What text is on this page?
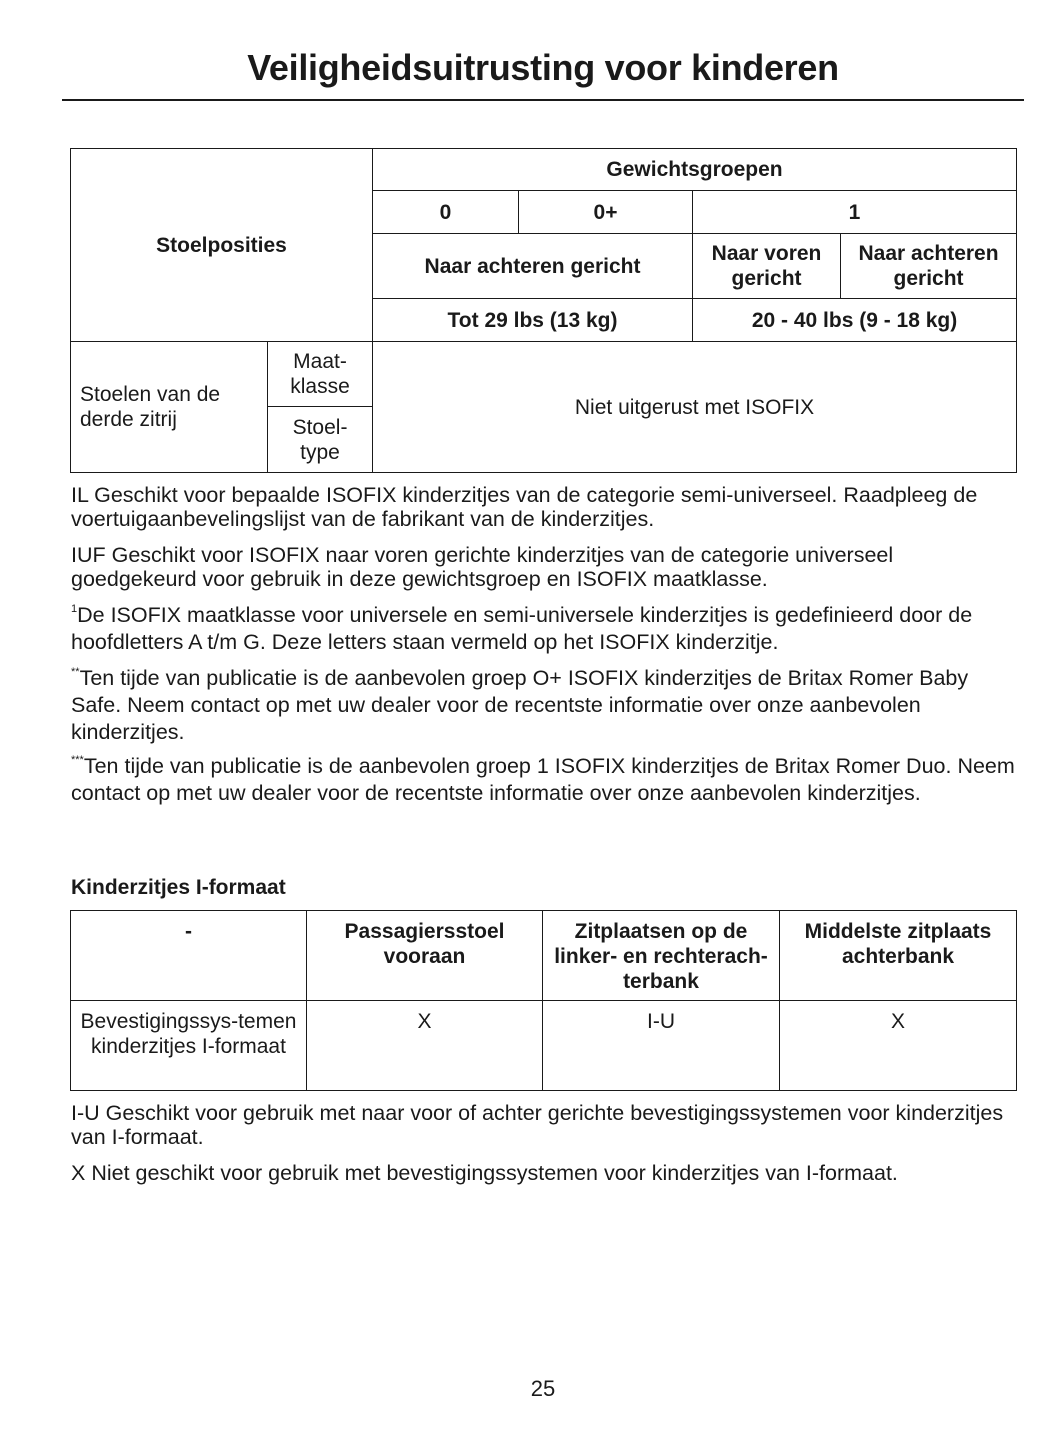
Veiligheidsuitrusting voor kinderen
Stoelposities		Gewichtsgroepen			
		0	0+	1	
		Naar achteren gericht		Naar voren gericht	Naar achteren gericht
		Tot 29 lbs (13 kg)		20 - 40 lbs (9 - 18 kg)	
Stoelen van de derde zitrij	Maat-klasse	Niet uitgerust met ISOFIX			
	Stoel-type				

IL Geschikt voor bepaalde ISOFIX kinderzitjes van de categorie semi-universeel. Raadpleeg de voertuigaanbevelingslijst van de fabrikant van de kinderzitjes.

IUF Geschikt voor ISOFIX naar voren gerichte kinderzitjes van de categorie universeel goedgekeurd voor gebruik in deze gewichtsgroep en ISOFIX maatklasse.

$^1$De ISOFIX maatklasse voor universele en semi-universele kinderzitjes is gedefinieerd door de hoofdletters A t/m G. Deze letters staan vermeld op het ISOFIX kinderzitje.

**Ten tijde van publicatie is de aanbevolen groep O+ ISOFIX kinderzitjes de Britax Romer Baby Safe. Neem contact op met uw dealer voor de recentste informatie over onze aanbevolen kinderzitjes.

***Ten tijde van publicatie is de aanbevolen groep 1 ISOFIX kinderzitjes de Britax Romer Duo. Neem contact op met uw dealer voor de recentste informatie over onze aanbevolen kinderzitjes.

Kinderzitjes I-formaat
-	Passagiersstoel vooraan	Zitplaatsen op de linker- en rechterach-terbank	Middelste zitplaats achterbank
Bevestigingssys-temen kinderzitjes I-formaat	X	I-U	X

I-U Geschikt voor gebruik met naar voor of achter gerichte bevestigingssystemen voor kinderzitjes van I-formaat.

X Niet geschikt voor gebruik met bevestigingssystemen voor kinderzitjes van I-formaat.

25
